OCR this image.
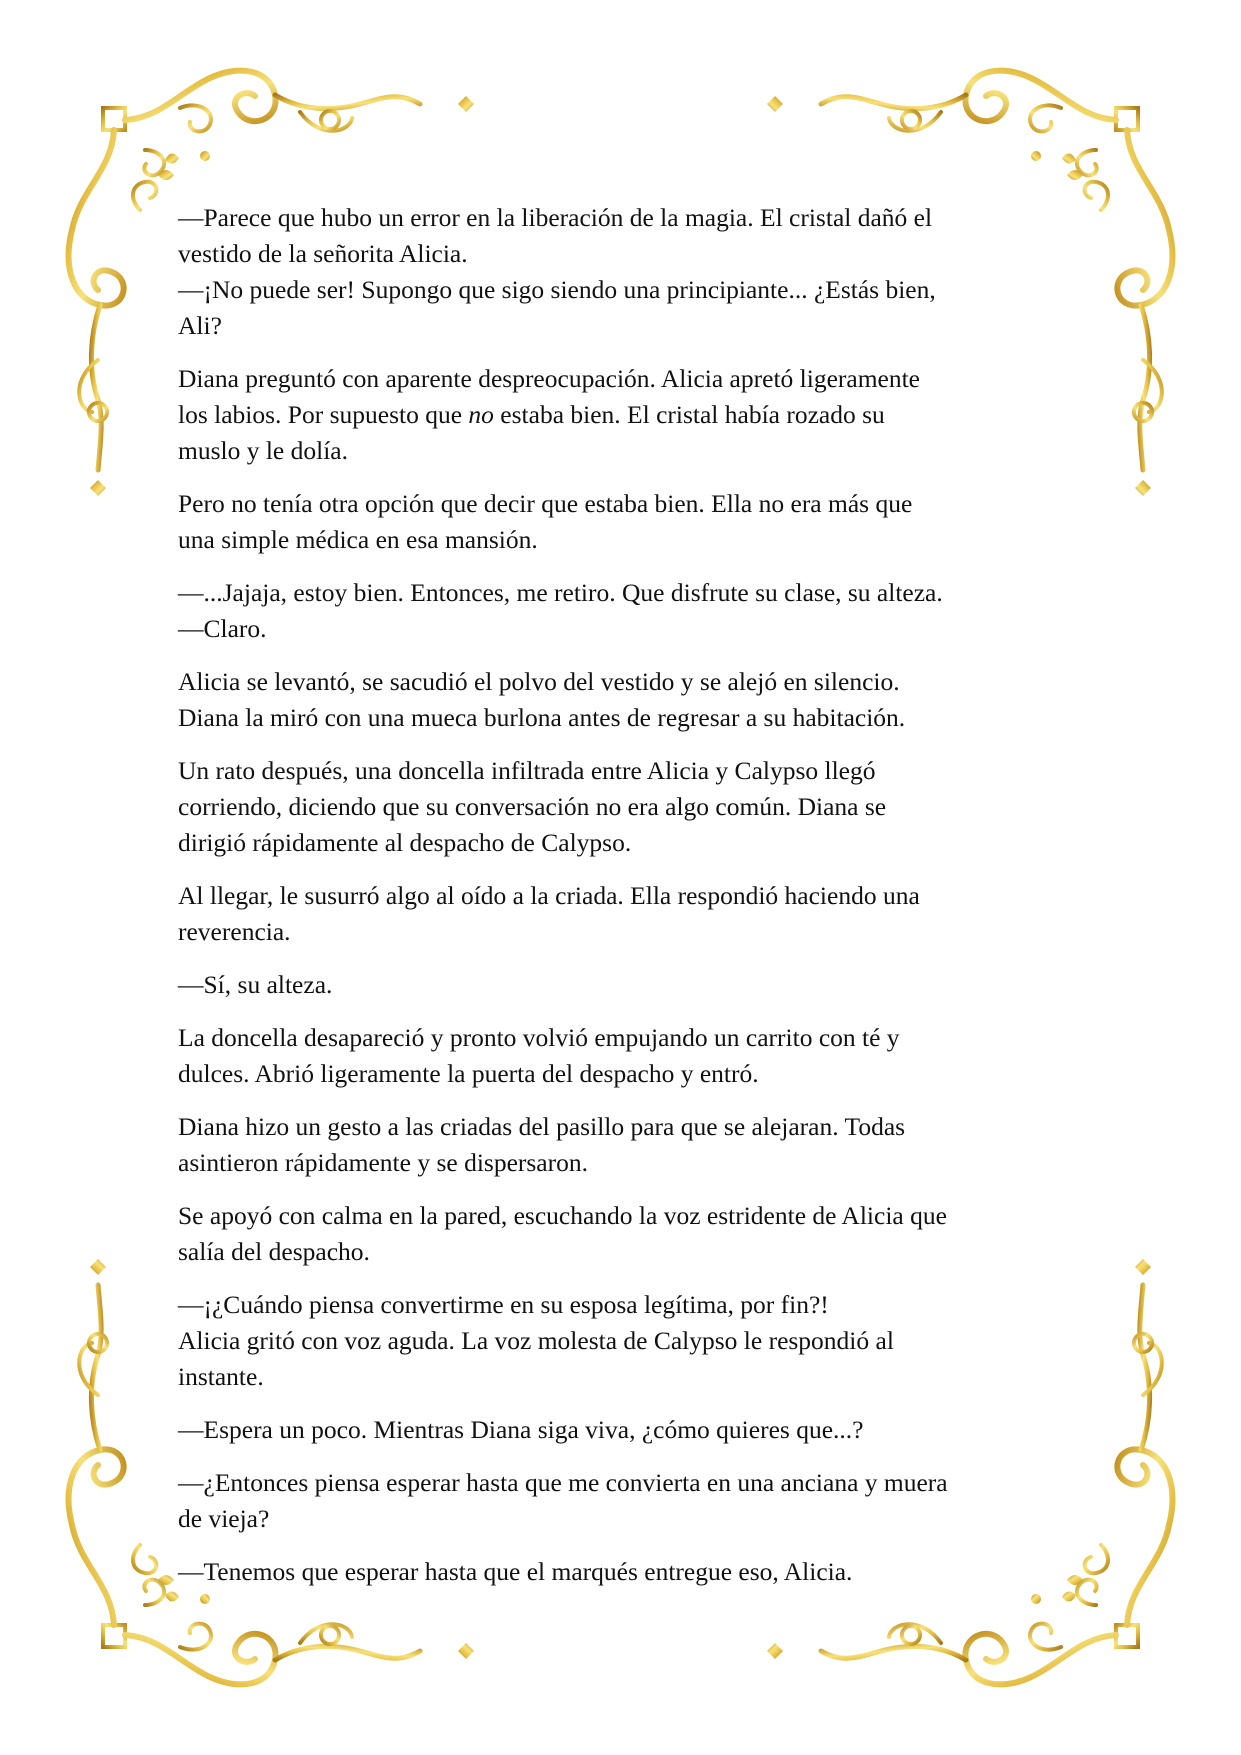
—Parece que hubo un error en la liberación de la magia. El cristal dañó el
vestido de la señorita Alicia.
—¡No puede ser! Supongo que sigo siendo una principiante... ¿Estás bien,
Ali?

Diana preguntó con aparente despreocupación. Alicia apretó ligeramente
los labios. Por supuesto que no estaba bien. El cristal había rozado su
muslo y le dolía.

Pero no tenía otra opción que decir que estaba bien. Ella no era más que
una simple médica en esa mansión.

—...Jajaja, estoy bien. Entonces, me retiro. Que disfrute su clase, su alteza.
—Claro.

Alicia se levantó, se sacudió el polvo del vestido y se alejó en silencio.
Diana la miró con una mueca burlona antes de regresar a su habitación.

Un rato después, una doncella infiltrada entre Alicia y Calypso llegó
corriendo, diciendo que su conversación no era algo común. Diana se
dirigió rápidamente al despacho de Calypso.

Al llegar, le susurró algo al oído a la criada. Ella respondió haciendo una
reverencia.

—Sí, su alteza.

La doncella desapareció y pronto volvió empujando un carrito con té y
dulces. Abrió ligeramente la puerta del despacho y entró.

Diana hizo un gesto a las criadas del pasillo para que se alejaran. Todas
asintieron rápidamente y se dispersaron.

Se apoyó con calma en la pared, escuchando la voz estridente de Alicia que
salía del despacho.

—¡¿Cuándo piensa convertirme en su esposa legítima, por fin?!
Alicia gritó con voz aguda. La voz molesta de Calypso le respondió al
instante.

—Espera un poco. Mientras Diana siga viva, ¿cómo quieres que...?

—¿Entonces piensa esperar hasta que me convierta en una anciana y muera
de vieja?

—Tenemos que esperar hasta que el marqués entregue eso, Alicia.
